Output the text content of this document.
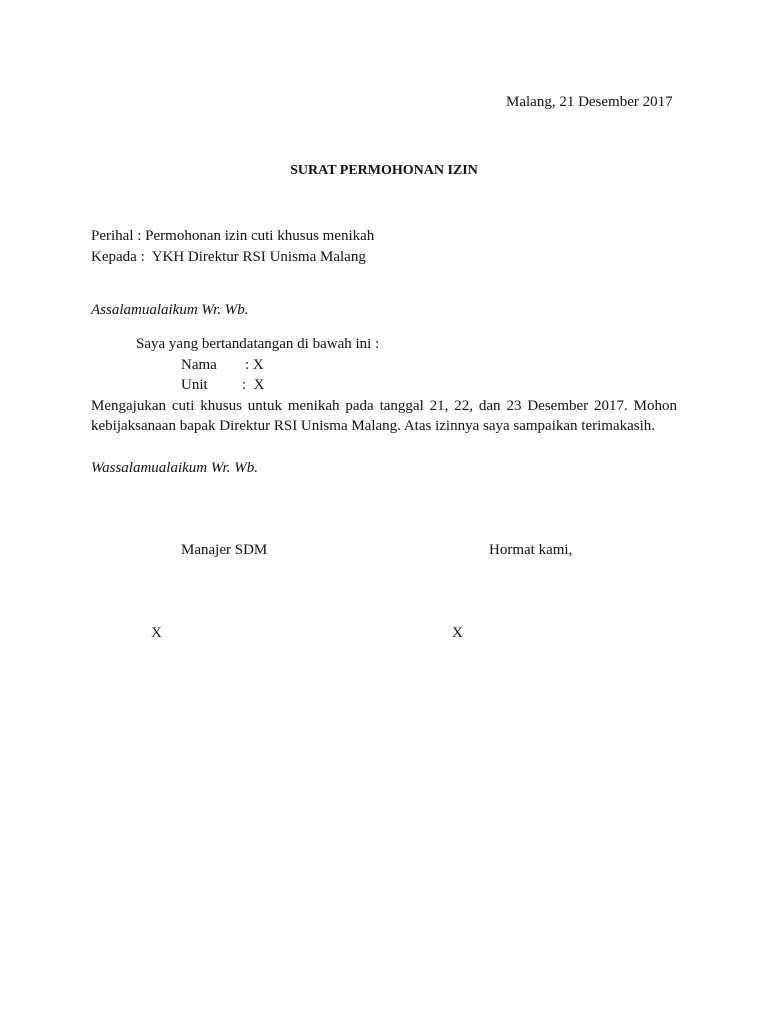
Malang, 21 Desember 2017
SURAT PERMOHONAN IZIN
Perihal : Permohonan izin cuti khusus menikah
Kepada :  YKH Direktur RSI Unisma Malang
Assalamualaikum Wr. Wb.
Saya yang bertandatangan di bawah ini :
Nama : X
Unit :  X
Mengajukan cuti khusus untuk menikah pada tanggal 21, 22, dan 23 Desember 2017. Mohon kebijaksanaan bapak Direktur RSI Unisma Malang. Atas izinnya saya sampaikan terimakasih.
Wassalamualaikum Wr. Wb.
Manajer SDM	Hormat kami,
X	X
